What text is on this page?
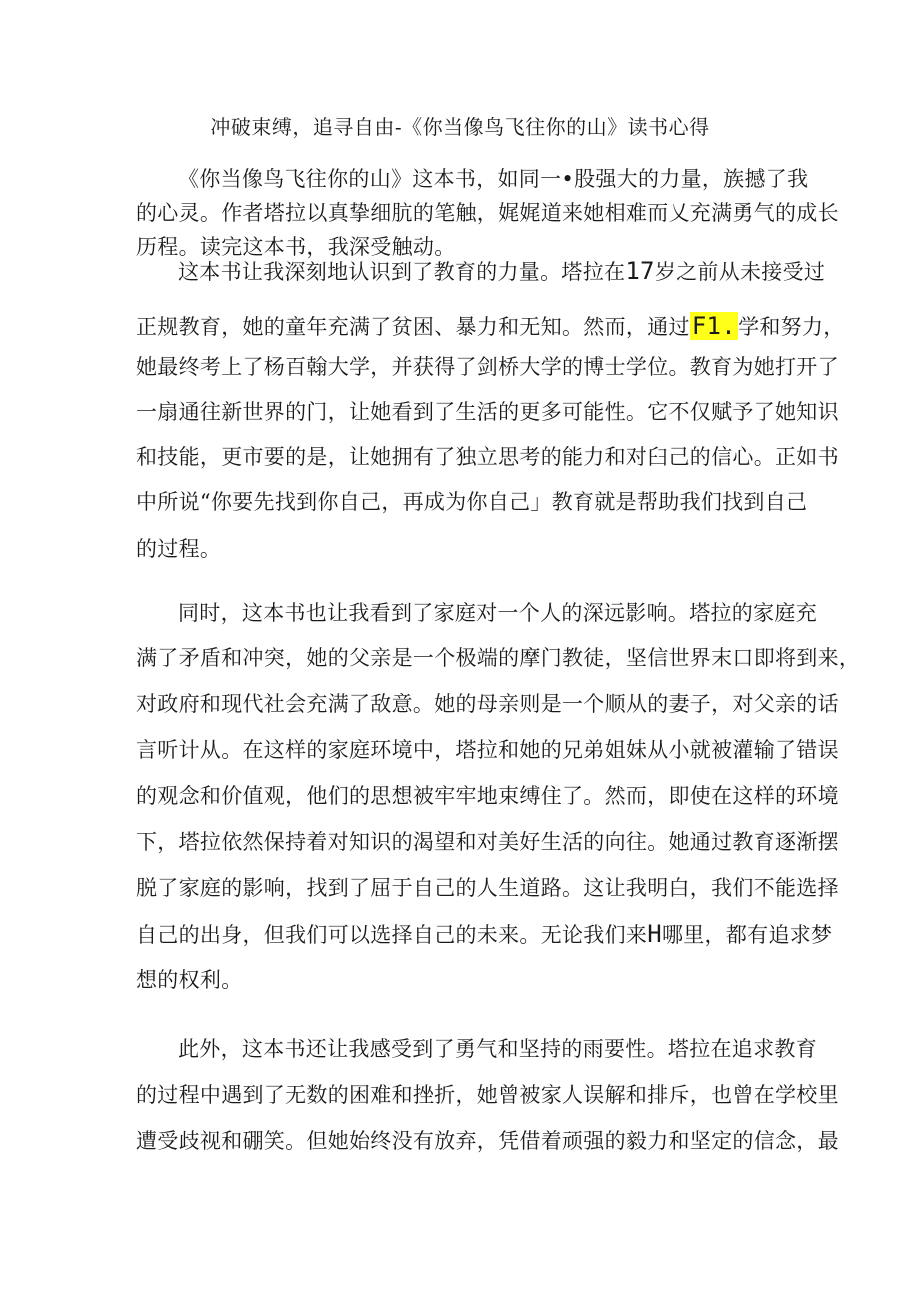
冲破束缚，追寻自由-《你当像鸟飞往你的山》读书心得
《你当像鸟飞往你的山》这本书，如同一•股强大的力量，族撼了我
的心灵。作者塔拉以真挚细肮的笔触，娓娓道来她相难而乂充满勇气的成长
历程。读完这本书，我深受触动。
这本书让我深刻地认识到了教育的力量。塔拉在17岁之前从未接受过
正规教育，她的童年充满了贫困、暴力和无知。然而，通过F1.学和努力，
她最终考上了杨百翰大学，并获得了剑桥大学的博士学位。教育为她打开了
一扇通往新世界的门，让她看到了生活的更多可能性。它不仅赋予了她知识
和技能，更市要的是，让她拥有了独立思考的能力和对臼己的信心。正如书
中所说“你要先找到你自己，再成为你自己」教育就是帮助我们找到自己
的过程。
同时，这本书也让我看到了家庭对一个人的深远影响。塔拉的家庭充
满了矛盾和冲突，她的父亲是一个极端的摩门教徒，坚信世界末口即将到来，
对政府和现代社会充满了敌意。她的母亲则是一个顺从的妻子，对父亲的话
言听计从。在这样的家庭环境中，塔拉和她的兄弟姐妹从小就被灌输了错误
的观念和价值观，他们的思想被牢牢地束缚住了。然而，即使在这样的环境
下，塔拉依然保持着对知识的渴望和对美好生活的向往。她通过教育逐渐摆
脱了家庭的影响，找到了屈于自己的人生道路。这让我明白，我们不能选择
自己的出身，但我们可以选择自己的未来。无论我们来H哪里，都有追求梦
想的权利。
此外，这本书还让我感受到了勇气和坚持的雨要性。塔拉在追求教育
的过程中遇到了无数的困难和挫折，她曾被家人误解和排斥，也曾在学校里
遭受歧视和硼笑。但她始终没有放弃，凭借着顽强的毅力和坚定的信念，最
